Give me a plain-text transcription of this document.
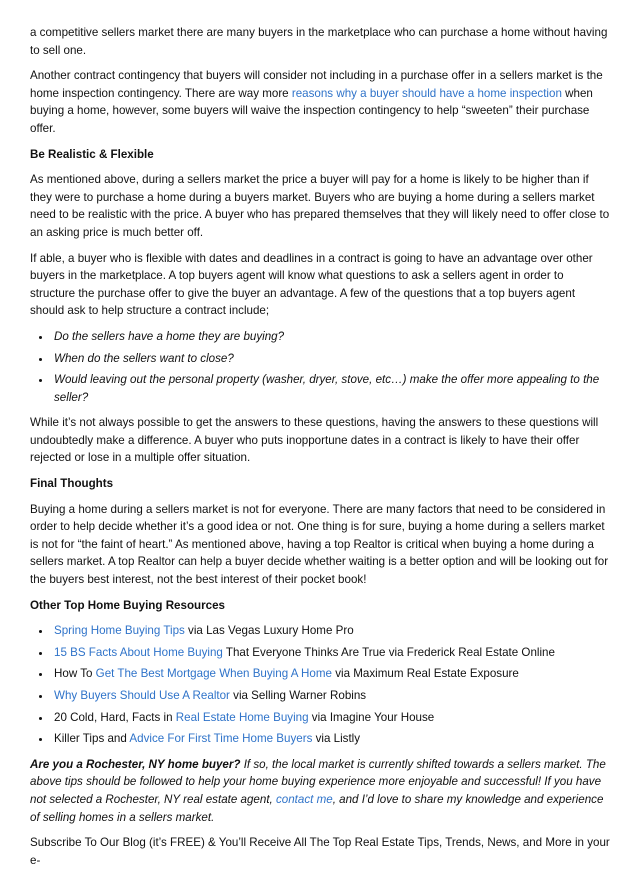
a competitive sellers market there are many buyers in the marketplace who can purchase a home without having to sell one.

Another contract contingency that buyers will consider not including in a purchase offer in a sellers market is the home inspection contingency. There are way more reasons why a buyer should have a home inspection when buying a home, however, some buyers will waive the inspection contingency to help “sweeten” their purchase offer.

Be Realistic & Flexible

As mentioned above, during a sellers market the price a buyer will pay for a home is likely to be higher than if they were to purchase a home during a buyers market. Buyers who are buying a home during a sellers market need to be realistic with the price. A buyer who has prepared themselves that they will likely need to offer close to an asking price is much better off.

If able, a buyer who is flexible with dates and deadlines in a contract is going to have an advantage over other buyers in the marketplace. A top buyers agent will know what questions to ask a sellers agent in order to structure the purchase offer to give the buyer an advantage. A few of the questions that a top buyers agent should ask to help structure a contract include;

• Do the sellers have a home they are buying?
• When do the sellers want to close?
• Would leaving out the personal property (washer, dryer, stove, etc…) make the offer more appealing to the seller?

While it’s not always possible to get the answers to these questions, having the answers to these questions will undoubtedly make a difference. A buyer who puts inopportune dates in a contract is likely to have their offer rejected or lose in a multiple offer situation.

Final Thoughts

Buying a home during a sellers market is not for everyone. There are many factors that need to be considered in order to help decide whether it’s a good idea or not. One thing is for sure, buying a home during a sellers market is not for “the faint of heart.” As mentioned above, having a top Realtor is critical when buying a home during a sellers market. A top Realtor can help a buyer decide whether waiting is a better option and will be looking out for the buyers best interest, not the best interest of their pocket book!

Other Top Home Buying Resources

• Spring Home Buying Tips via Las Vegas Luxury Home Pro
• 15 BS Facts About Home Buying That Everyone Thinks Are True via Frederick Real Estate Online
• How To Get The Best Mortgage When Buying A Home via Maximum Real Estate Exposure
• Why Buyers Should Use A Realtor via Selling Warner Robins
• 20 Cold, Hard, Facts in Real Estate Home Buying via Imagine Your House
• Killer Tips and Advice For First Time Home Buyers via Listly

Are you a Rochester, NY home buyer? If so, the local market is currently shifted towards a sellers market. The above tips should be followed to help your home buying experience more enjoyable and successful! If you have not selected a Rochester, NY real estate agent, contact me, and I’d love to share my knowledge and experience of selling homes in a sellers market.

Subscribe To Our Blog (it’s FREE) & You’ll Receive All The Top Real Estate Tips, Trends, News, and More in your e-
